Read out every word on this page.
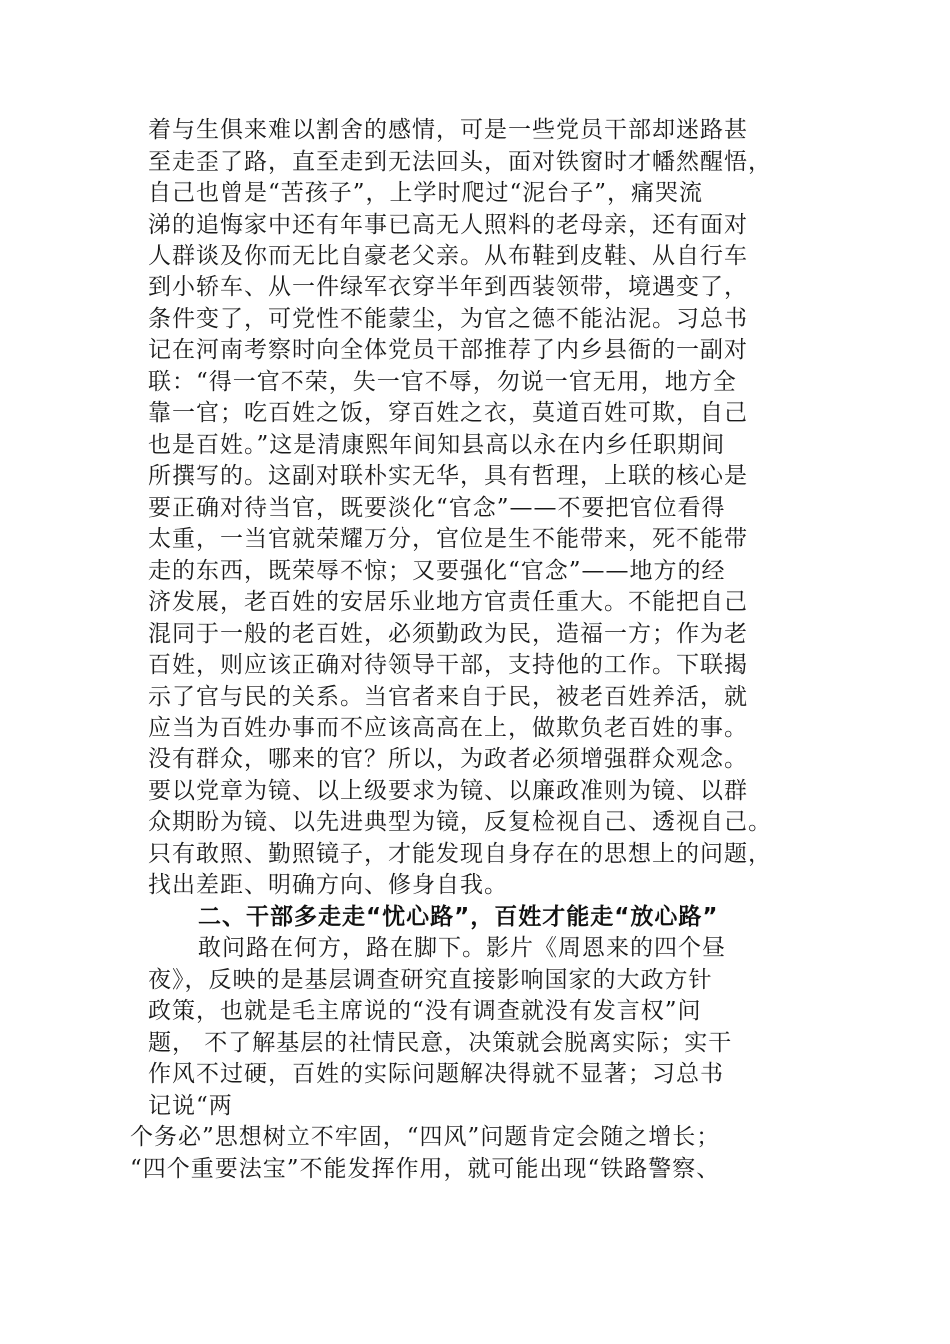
着与生俱来难以割舍的感情，可是一些党员干部却迷路甚
至走歪了路，直至走到无法回头，面对铁窗时才幡然醒悟，
自己也曾是“苦孩子”，上学时爬过“泥台子”，痛哭流
涕的追悔家中还有年事已高无人照料的老母亲，还有面对
人群谈及你而无比自豪老父亲。从布鞋到皮鞋、从自行车
到小轿车、从一件绿军衣穿半年到西装领带，境遇变了，
条件变了，可党性不能蒙尘，为官之德不能沾泥。习总书
记在河南考察时向全体党员干部推荐了内乡县衙的一副对
联：“得一官不荣，失一官不辱，勿说一官无用，地方全
靠一官；吃百姓之饭，穿百姓之衣，莫道百姓可欺，自己
也是百姓。”这是清康熙年间知县高以永在内乡任职期间
所撰写的。这副对联朴实无华，具有哲理，上联的核心是
要正确对待当官，既要淡化“官念”——不要把官位看得
太重，一当官就荣耀万分，官位是生不能带来，死不能带
走的东西，既荣辱不惊；又要强化“官念”——地方的经
济发展，老百姓的安居乐业地方官责任重大。不能把自己
混同于一般的老百姓，必须勤政为民，造福一方；作为老
百姓，则应该正确对待领导干部，支持他的工作。下联揭
示了官与民的关系。当官者来自于民，被老百姓养活，就
应当为百姓办事而不应该高高在上，做欺负老百姓的事。
没有群众，哪来的官？所以，为政者必须增强群众观念。
要以党章为镜、以上级要求为镜、以廉政准则为镜、以群
众期盼为镜、以先进典型为镜，反复检视自己、透视自己。
只有敢照、勤照镜子，才能发现自身存在的思想上的问题，
找出差距、明确方向、修身自我。
二、干部多走走“忧心路”，百姓才能走“放心路”
敢问路在何方，路在脚下。影片《周恩来的四个昼
夜》，反映的是基层调查研究直接影响国家的大政方针
政策，也就是毛主席说的“没有调查就没有发言权”问
题， 不了解基层的社情民意，决策就会脱离实际；实干
作风不过硬，百姓的实际问题解决得就不显著；习总书
记说“两
个务必”思想树立不牢固，“四风”问题肯定会随之增长；
“四个重要法宝”不能发挥作用，就可能出现“铁路警察、
